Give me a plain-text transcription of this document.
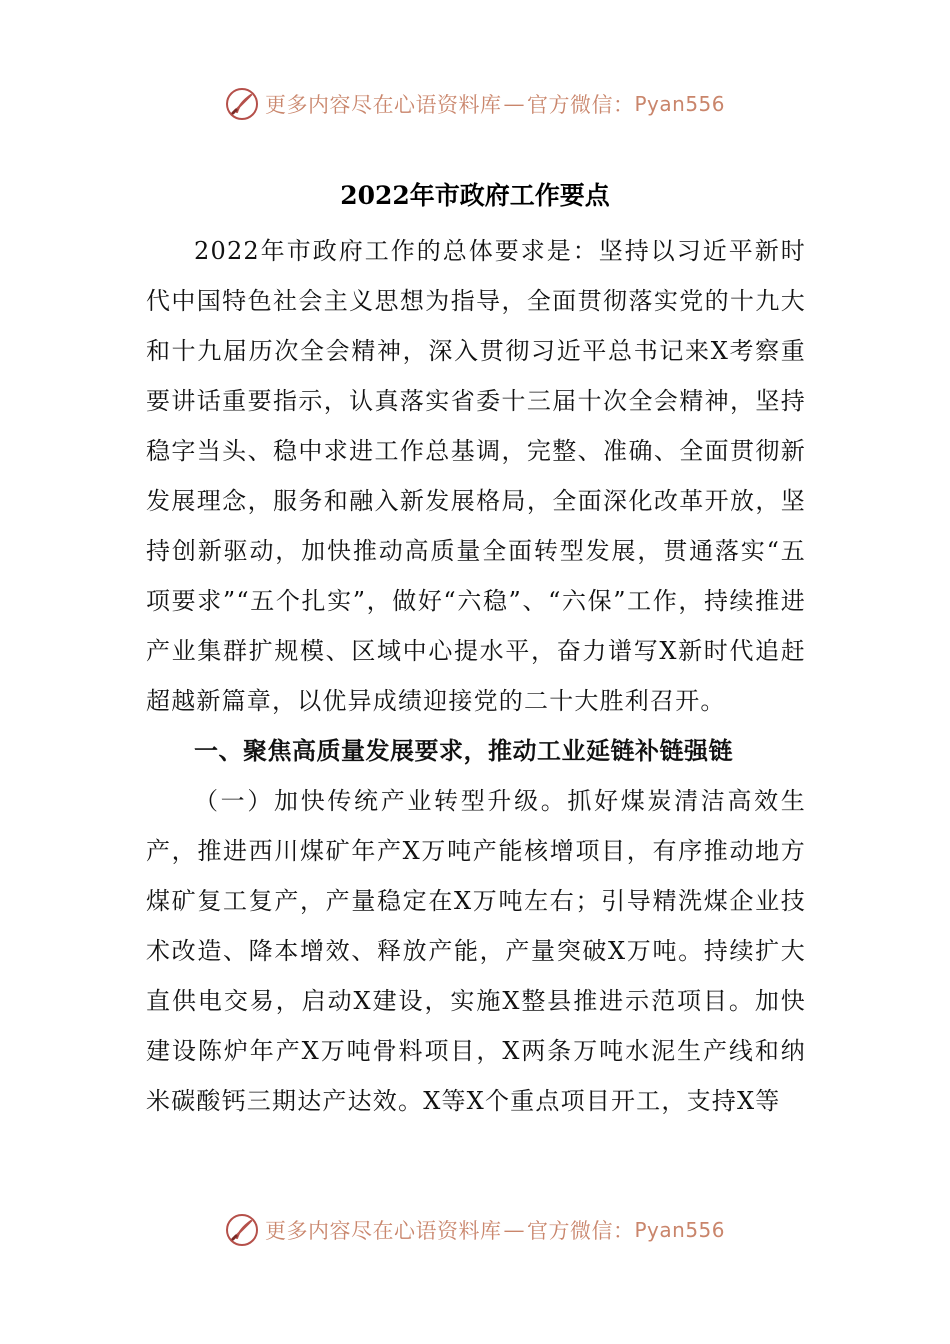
更多内容尽在心语资料库 — 官方微信： Pyan556
2022年市政府工作要点

2022年市政府工作的总体要求是：坚持以习近平新时代中国特色社会主义思想为指导，全面贯彻落实党的十九大和十九届历次全会精神，深入贯彻习近平总书记来X考察重要讲话重要指示，认真落实省委十三届十次全会精神，坚持稳字当头、稳中求进工作总基调，完整、准确、全面贯彻新发展理念，服务和融入新发展格局，全面深化改革开放，坚持创新驱动，加快推动高质量全面转型发展，贯通落实“五项要求”“五个扎实”，做好“六稳”、“六保”工作，持续推进产业集群扩规模、区域中心提水平，奋力谱写X新时代追赶超越新篇章，以优异成绩迎接党的二十大胜利召开。

一、聚焦高质量发展要求，推动工业延链补链强链

（一）加快传统产业转型升级。抓好煤炭清洁高效生产，推进西川煤矿年产X万吨产能核增项目，有序推动地方煤矿复工复产，产量稳定在X万吨左右；引导精洗煤企业技术改造、降本增效、释放产能，产量突破X万吨。持续扩大直供电交易，启动X建设，实施X整县推进示范项目。加快建设陈炉年产X万吨骨料项目，X两条万吨水泥生产线和纳米碳酸钙三期达产达效。X等X个重点项目开工，支持X等

更多内容尽在心语资料库 — 官方微信： Pyan556
